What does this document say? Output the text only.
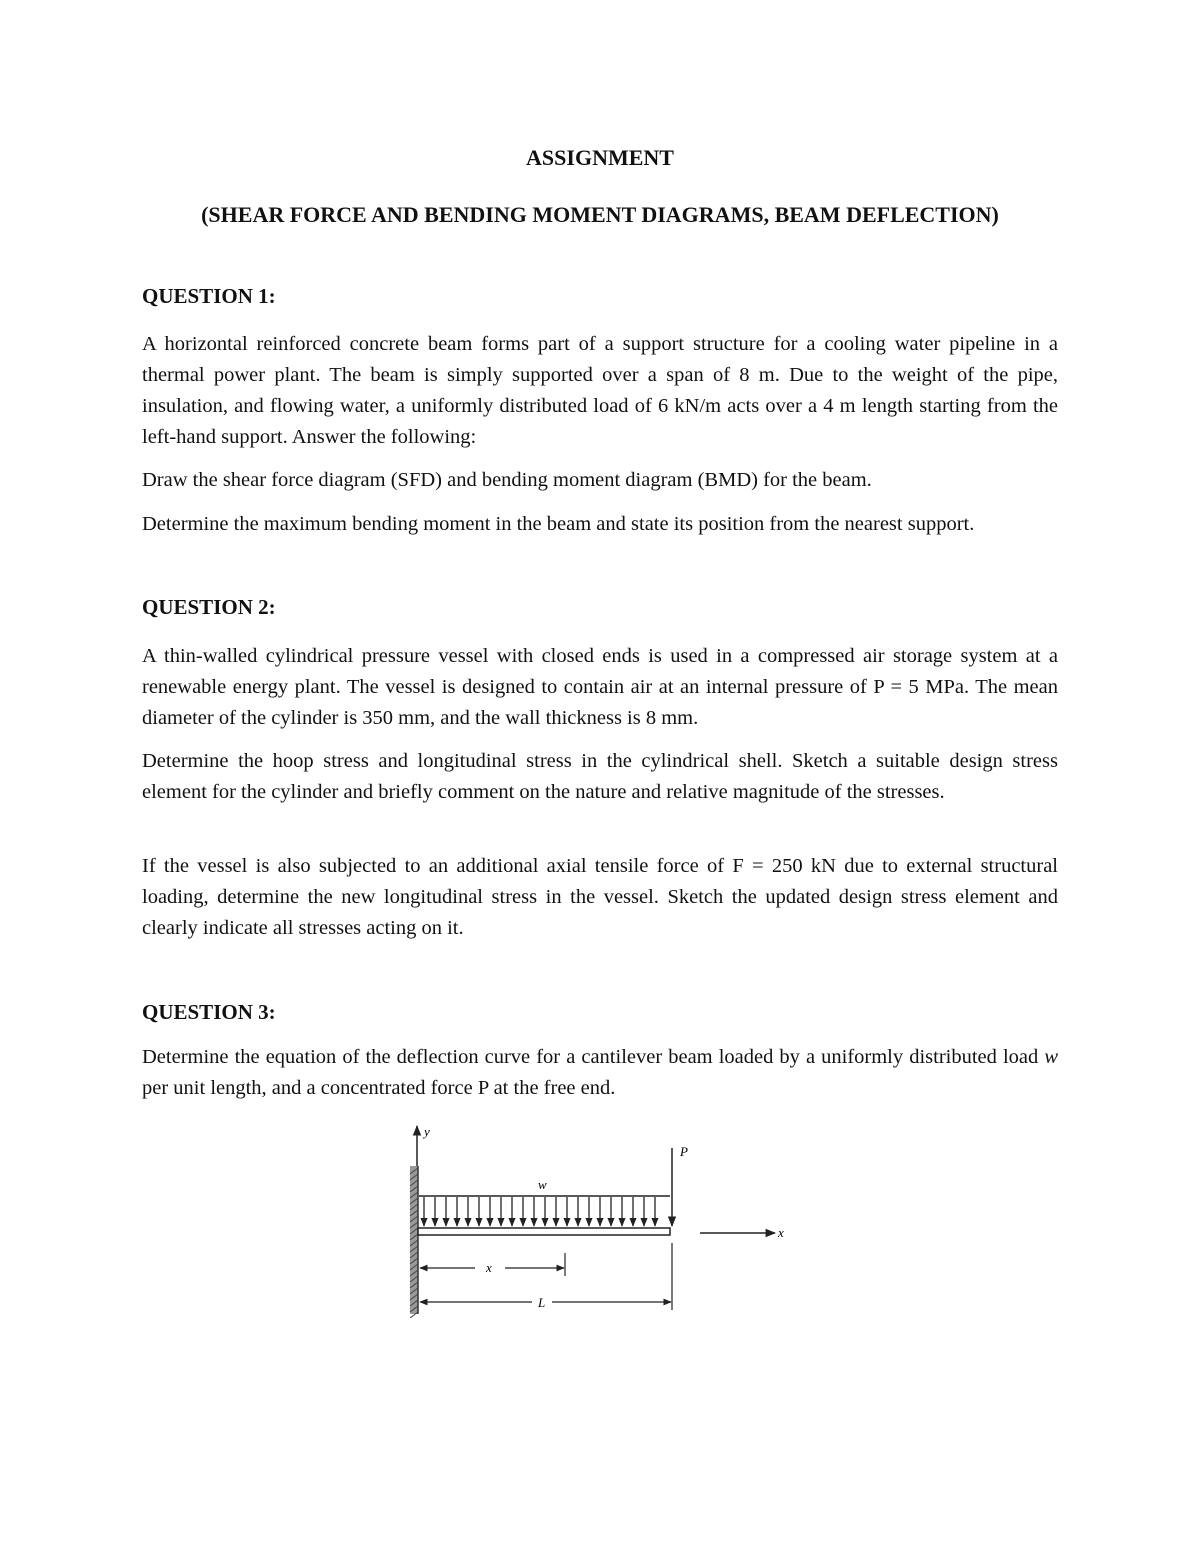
ASSIGNMENT
(SHEAR FORCE AND BENDING MOMENT DIAGRAMS, BEAM DEFLECTION)
QUESTION 1:

A horizontal reinforced concrete beam forms part of a support structure for a cooling water pipeline in a thermal power plant. The beam is simply supported over a span of 8 m. Due to the weight of the pipe, insulation, and flowing water, a uniformly distributed load of 6 kN/m acts over a 4 m length starting from the left-hand support. Answer the following:

Draw the shear force diagram (SFD) and bending moment diagram (BMD) for the beam.

Determine the maximum bending moment in the beam and state its position from the nearest support.

QUESTION 2:

A thin-walled cylindrical pressure vessel with closed ends is used in a compressed air storage system at a renewable energy plant. The vessel is designed to contain air at an internal pressure of P = 5 MPa. The mean diameter of the cylinder is 350 mm, and the wall thickness is 8 mm.

Determine the hoop stress and longitudinal stress in the cylindrical shell. Sketch a suitable design stress element for the cylinder and briefly comment on the nature and relative magnitude of the stresses.

If the vessel is also subjected to an additional axial tensile force of F = 250 kN due to external structural loading, determine the new longitudinal stress in the vessel. Sketch the updated design stress element and clearly indicate all stresses acting on it.

QUESTION 3:

Determine the equation of the deflection curve for a cantilever beam loaded by a uniformly distributed load w per unit length, and a concentrated force P at the free end.

y
w
P
x
x
L
